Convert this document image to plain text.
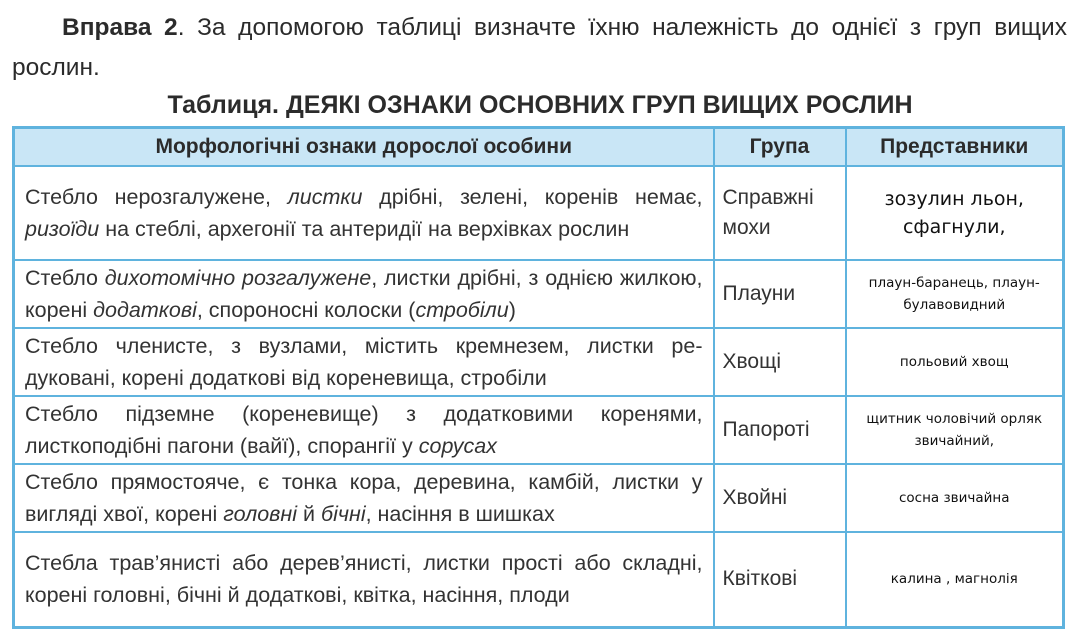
Вправа 2. За допомогою таблиці визначте їхню належність до однієї з груп вищих рослин.

Таблиця. ДЕЯКІ ОЗНАКИ ОСНОВНИХ ГРУП ВИЩИХ РОСЛИН
Морфологічні ознаки дорослої особини	Група	Представники
Стебло нерозгалужене, листки дрібні, зелені, коренів немає, ризоїди на стеблі, архегонії та антеридії на верхівках рослин	Справжні мохи	зозулин льон, сфагнули,
Стебло дихотомічно розгалужене, листки дрібні, з однією жилкою, корені додаткові, спороносні колоски (стробіли)	Плауни	плаун-баранець, плаун-булавовидний
Стебло членисте, з вузлами, містить кремнезем, листки редуковані, корені додаткові від кореневища, стробіли	Хвощі	польовий хвощ
Стебло підземне (кореневище) з додатковими коренями, листкоподібні пагони (вайї), спорангії у сорусах	Папороті	щитник чоловічий орляк звичайний,
Стебло прямостояче, є тонка кора, деревина, камбій, листки у вигляді хвої, корені головні й бічні, насіння в шишках	Хвойні	сосна звичайна
Стебла трав’янисті або дерев’янисті, листки прості або складні, корені головні, бічні й додаткові, квітка, насіння, плоди	Квіткові	калина , магнолія
